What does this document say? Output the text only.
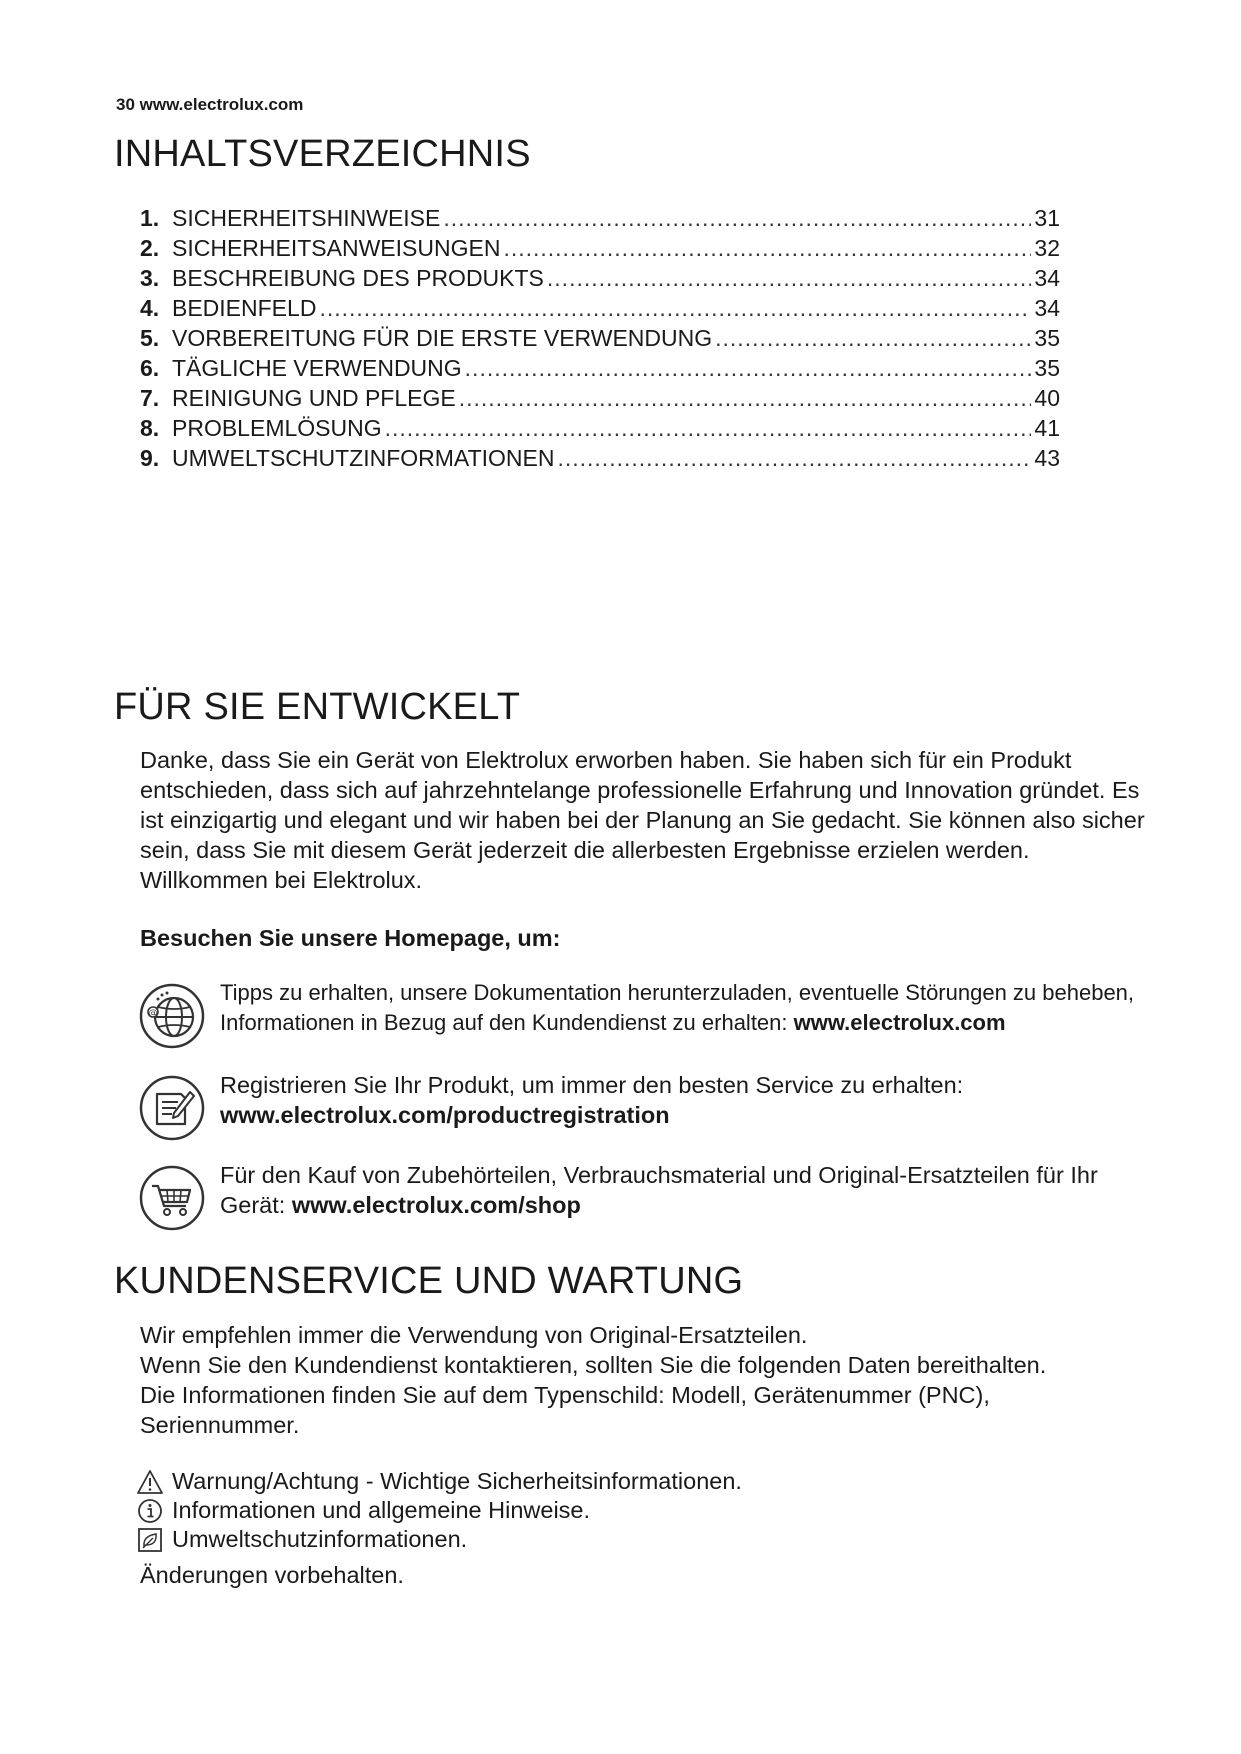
30 www.electrolux.com
INHALTSVERZEICHNIS
1. SICHERHEITSHINWEISE .....	31
2. SICHERHEITSANWEISUNGEN .....	32
3. BESCHREIBUNG DES PRODUKTS .....	34
4. BEDIENFELD .....	34
5. VORBEREITUNG FÜR DIE ERSTE VERWENDUNG .....	35
6. TÄGLICHE VERWENDUNG .....	35
7. REINIGUNG UND PFLEGE .....	40
8. PROBLEMLÖSUNG .....	41
9. UMWELTSCHUTZINFORMATIONEN .....	43
FÜR SIE ENTWICKELT

Danke, dass Sie ein Gerät von Elektrolux erworben haben. Sie haben sich für ein Produkt entschieden, dass sich auf jahrzehntelange professionelle Erfahrung und Innovation gründet. Es ist einzigartig und elegant und wir haben bei der Planung an Sie gedacht. Sie können also sicher sein, dass Sie mit diesem Gerät jederzeit die allerbesten Ergebnisse erzielen werden. Willkommen bei Elektrolux.

Besuchen Sie unsere Homepage, um:

@
Tipps zu erhalten, unsere Dokumentation herunterzuladen, eventuelle Störungen zu beheben, Informationen in Bezug auf den Kundendienst zu erhalten: www.electrolux.com
Registrieren Sie Ihr Produkt, um immer den besten Service zu erhalten:
www.electrolux.com/productregistration
Für den Kauf von Zubehörteilen, Verbrauchsmaterial und Original-Ersatzteilen für Ihr Gerät: www.electrolux.com/shop
KUNDENSERVICE UND WARTUNG

Wir empfehlen immer die Verwendung von Original-Ersatzteilen.
Wenn Sie den Kundendienst kontaktieren, sollten Sie die folgenden Daten bereithalten.
Die Informationen finden Sie auf dem Typenschild: Modell, Gerätenummer (PNC), Seriennummer.

Warnung/Achtung - Wichtige Sicherheitsinformationen.
Informationen und allgemeine Hinweise.
Umweltschutzinformationen.

Änderungen vorbehalten.
